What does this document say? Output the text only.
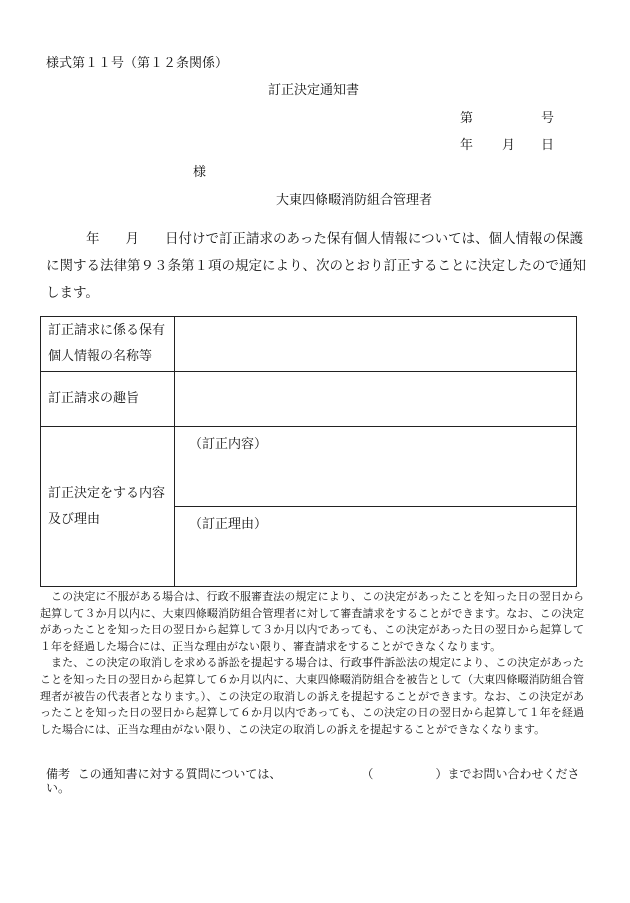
様式第１１号（第１２条関係）
訂正決定通知書
第	号
年 月 日
様
大東四條畷消防組合管理者
年 月 日付けで訂正請求のあった保有個人情報については、個人情報の保護に関する法律第９３条第１項の規定により、次のとおり訂正することに決定したので通知します。
訂正請求に係る保有
個人情報の名称等	

訂正請求の趣旨	

訂正決定をする内容
及び理由	（訂正内容）
	（訂正理由）

この決定に不服がある場合は、行政不服審査法の規定により、この決定があったことを知った日の翌日から起算して３か月以内に、大東四條畷消防組合管理者に対して審査請求をすることができます。なお、この決定があったことを知った日の翌日から起算して３か月以内であっても、この決定があった日の翌日から起算して１年を経過した場合には、正当な理由がない限り、審査請求をすることができなくなります。

また、この決定の取消しを求める訴訟を提起する場合は、行政事件訴訟法の規定により、この決定があったことを知った日の翌日から起算して６か月以内に、大東四條畷消防組合を被告として（大東四條畷消防組合管理者が被告の代表者となります。）、この決定の取消しの訴えを提起することができます。なお、この決定があったことを知った日の翌日から起算して６か月以内であっても、この決定の日の翌日から起算して１年を経過した場合には、正当な理由がない限り、この決定の取消しの訴えを提起することができなくなります。

備考 この通知書に対する質問については、	（	）までお問い合わせください。
